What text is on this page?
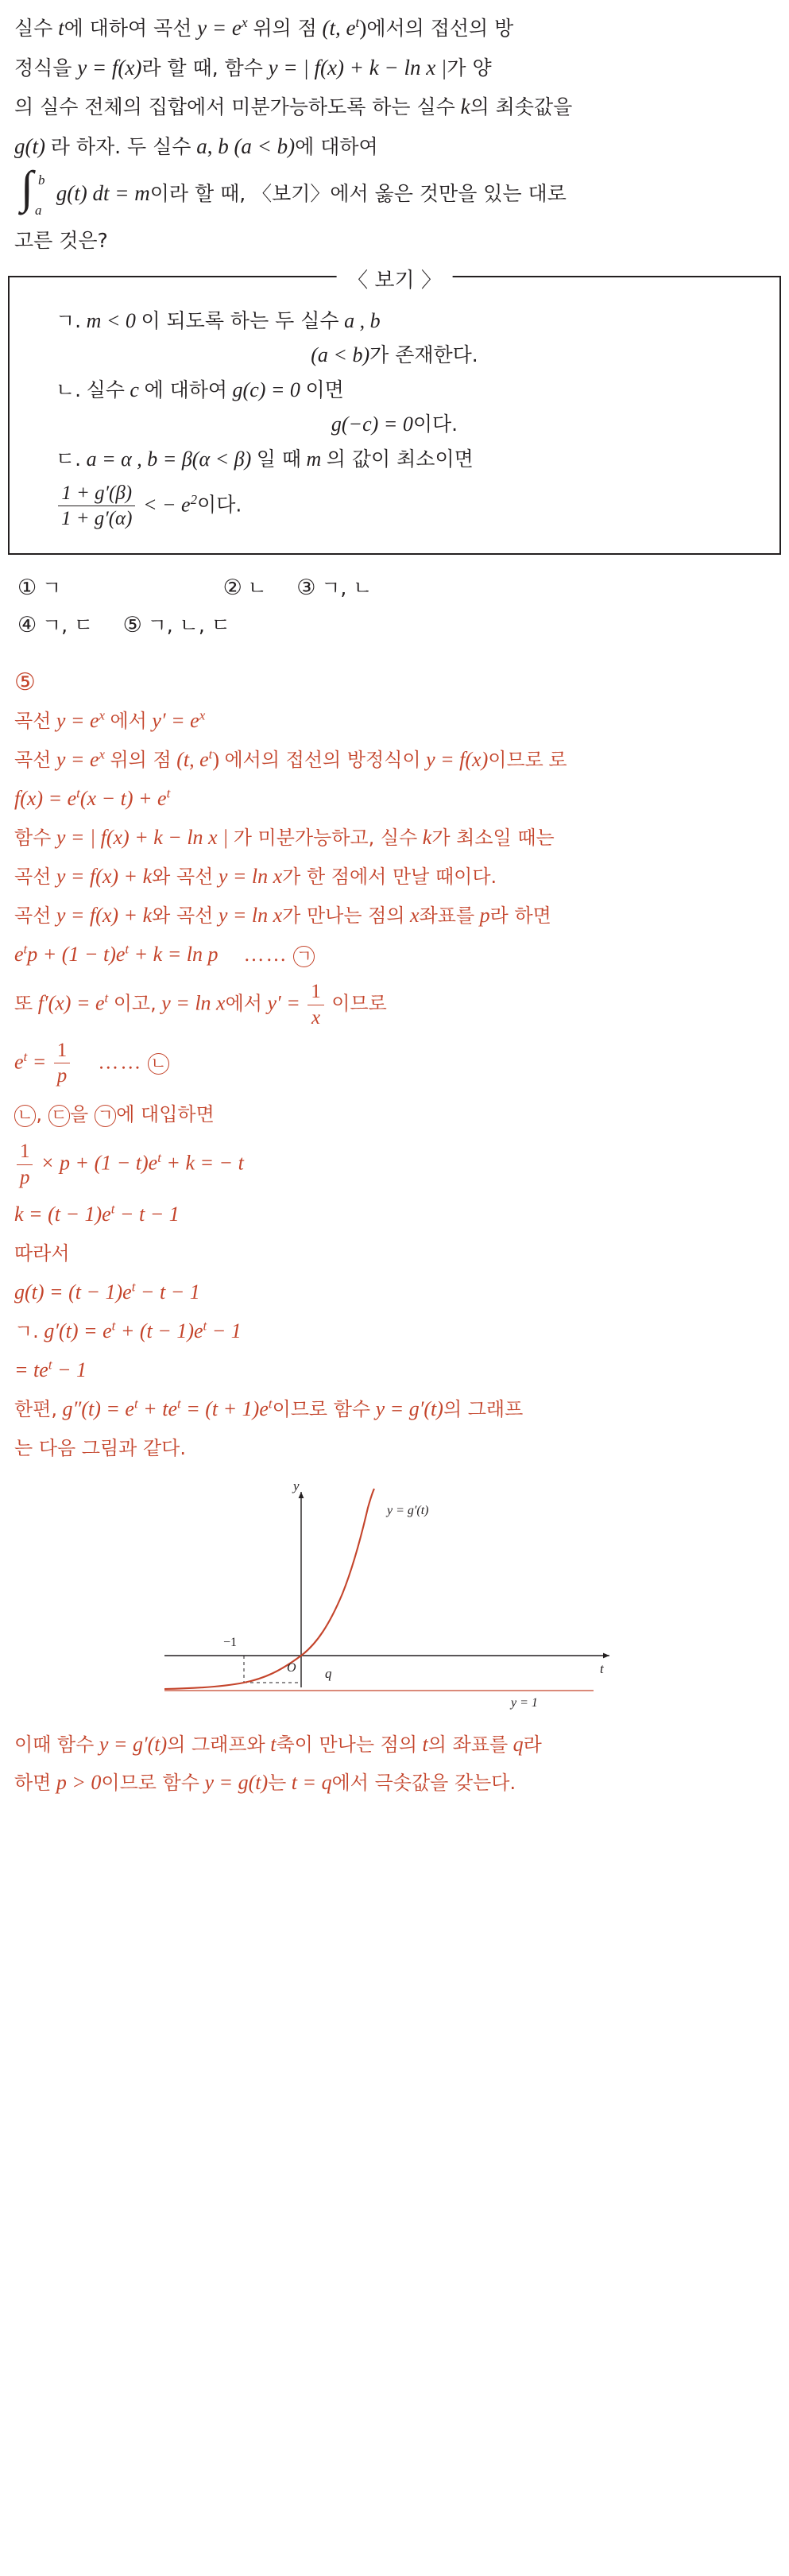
실수 t에 대하여 곡선 $y = e^x$ 위의 점 (t, $e^t$)에서의 접선의 방
정식을 y = f(x)라 할 때, 함수 y = | f(x) + k − ln x |가 양
의 실수 전체의 집합에서 미분가능하도록 하는 실수 k의 최솟값을
g(t) 라 하자. 두 실수 a, b (a < b)에 대하여
∫ b
a
g(t) dt = m이라 할 때, 〈보기〉에서 옳은 것만을 있는 대로
고른 것은?
〈 보기 〉
ㄱ. m < 0 이 되도록 하는 두 실수 a , b
(a < b)가 존재한다.
ㄴ. 실수 c 에 대하여 g(c) = 0 이면
g(−c) = 0이다.
ㄷ. a = α , b = β(α < β) 일 때 m 의 값이 최소이면
$\frac{1 + g'(\beta)}{1 + g'(\alpha)}$ < − $e^2$이다.
① ㄱ	② ㄴ ③ ㄱ, ㄴ
④ ㄱ, ㄷ ⑤ ㄱ, ㄴ, ㄷ
⑤
곡선 $y = e^x$ 에서 $y' = e^x$
곡선 $y = e^x$ 위의 점 (t, $e^t$) 에서의 접선의 방정식이 y = f(x)이므로 로
$f(x) = e^t(x - t) + e^t$
함수 y = | f(x) + k − ln x | 가 미분가능하고, 실수 k가 최소일 때는
곡선 y = f(x) + k와 곡선 y = ln x가 한 점에서 만날 때이다.
곡선 y = f(x) + k와 곡선 y = ln x가 만나는 점의 x좌표를 p라 하면
$e^tp + (1 - t)e^t + k = \ln p$    …… ㄱ
또 $f'(x) = e^t$ 이고, y = ln x에서 $y' = \frac{1}{x}$ 이므로
$e^t = \frac{1}{p}$ …… ㄴ
ㄴ , ㄷ 을 ㄱ 에 대입하면
$\frac{1}{p} \times p + (1 - t)e^t + k$ = − t
$k = (t - 1)e^t - t - 1$
따라서
$g(t) = (t - 1)e^t - t - 1$
ㄱ. $g'(t) = e^t + (t - 1)e^t - 1$
= $te^t - 1$
한편, $g''(t) = e^t + te^t = (t + 1)e^t$이므로 함수 y = g′(t)의 그래프
는 다음 그림과 같다.
y
t
O
−1
q
y = g′(t)
y = 1
이때 함수 y = g′(t)의 그래프와 t축이 만나는 점의 t의 좌표를 q라
하면 p > 0이므로 함수 y = g(t)는 t = q에서 극솟값을 갖는다.
